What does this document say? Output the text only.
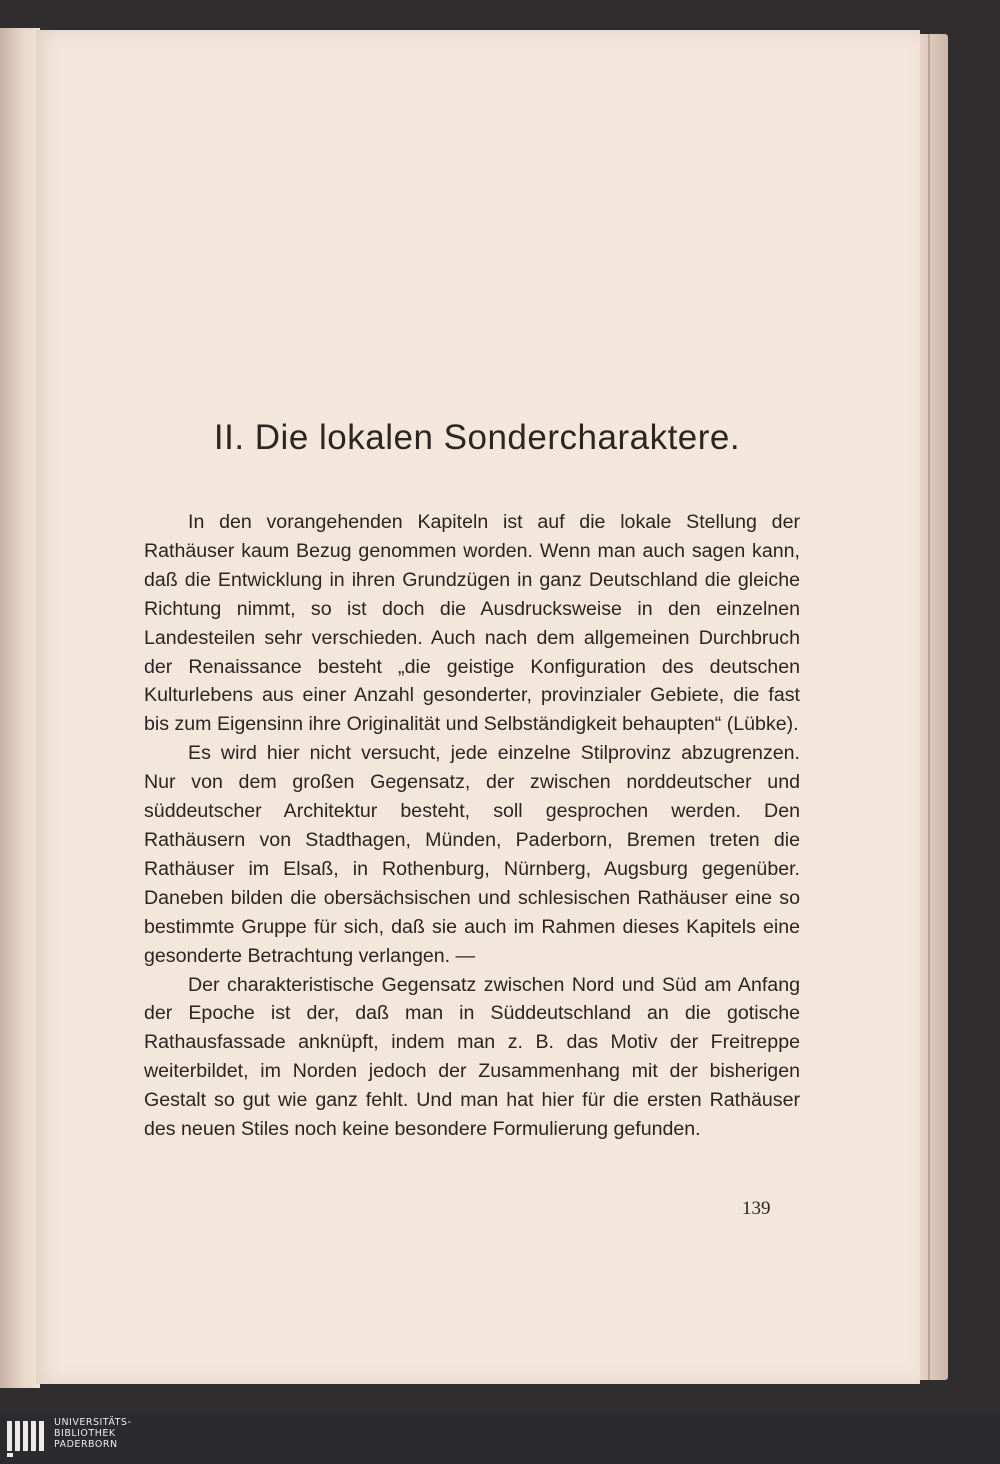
II. Die lokalen Sondercharaktere.

In den vorangehenden Kapiteln ist auf die lokale Stellung der Rathäuser kaum Bezug genommen worden. Wenn man auch sagen kann, daß die Entwicklung in ihren Grundzügen in ganz Deutschland die gleiche Richtung nimmt, so ist doch die Ausdrucksweise in den einzelnen Landesteilen sehr verschieden. Auch nach dem allgemeinen Durchbruch der Renaissance besteht „die geistige Konfiguration des deutschen Kulturlebens aus einer Anzahl gesonderter, provinzialer Gebiete, die fast bis zum Eigensinn ihre Originalität und Selbständigkeit behaupten“ (Lübke).

Es wird hier nicht versucht, jede einzelne Stilprovinz abzugrenzen. Nur von dem großen Gegensatz, der zwischen norddeutscher und süddeutscher Architektur besteht, soll gesprochen werden. Den Rathäusern von Stadthagen, Münden, Paderborn, Bremen treten die Rathäuser im Elsaß, in Rothenburg, Nürnberg, Augsburg gegenüber. Daneben bilden die obersächsischen und schlesischen Rathäuser eine so bestimmte Gruppe für sich, daß sie auch im Rahmen dieses Kapitels eine gesonderte Betrachtung verlangen. —

Der charakteristische Gegensatz zwischen Nord und Süd am Anfang der Epoche ist der, daß man in Süddeutschland an die gotische Rathausfassade anknüpft, indem man z. B. das Motiv der Freitreppe weiterbildet, im Norden jedoch der Zusammenhang mit der bisherigen Gestalt so gut wie ganz fehlt. Und man hat hier für die ersten Rathäuser des neuen Stiles noch keine besondere Formulierung gefunden.

139
UNIVERSITÄTS-
BIBLIOTHEK
PADERBORN
